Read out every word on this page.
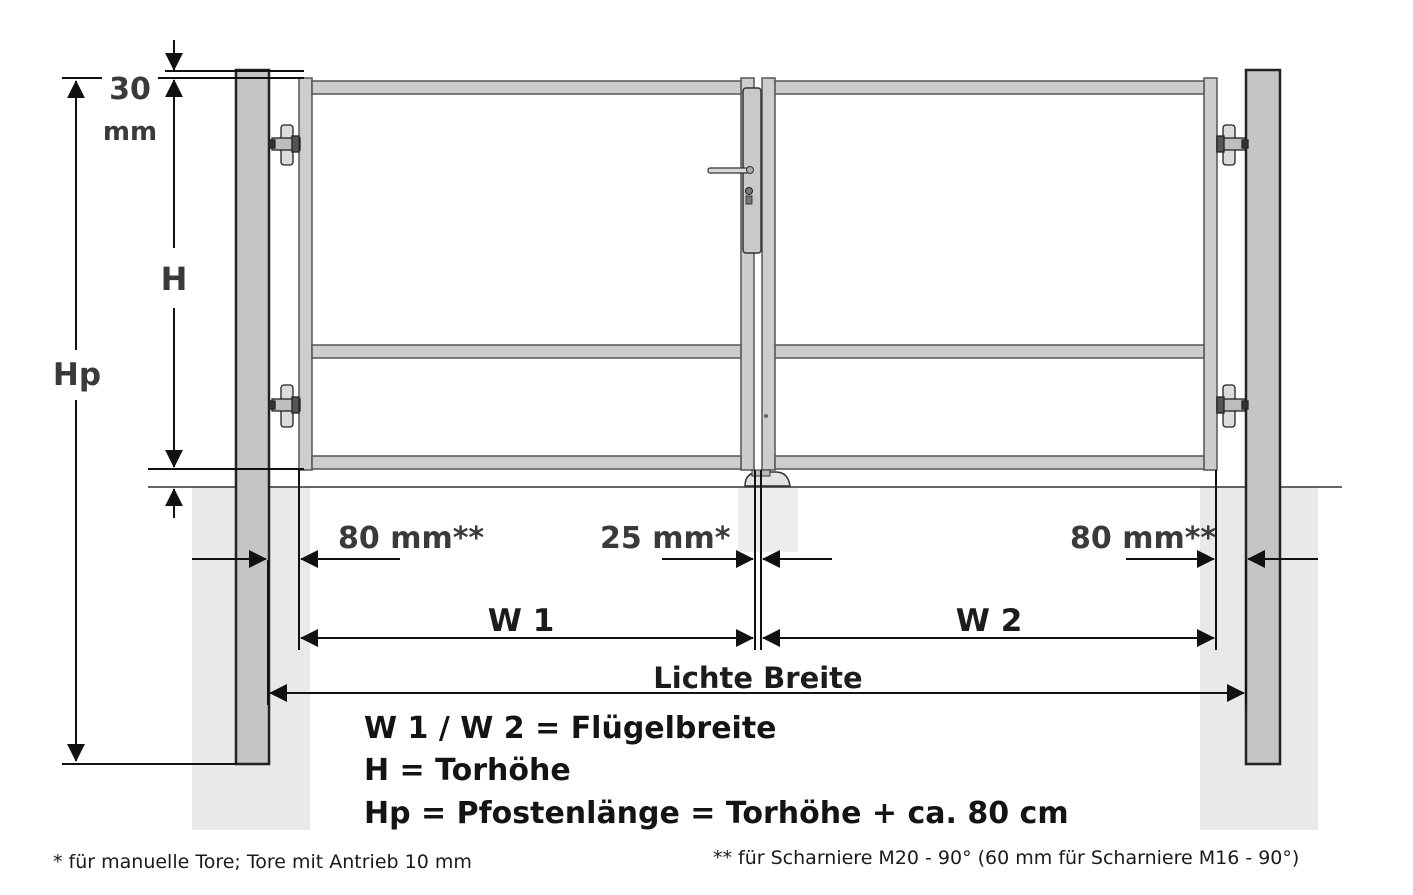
30
mm
H
Hp
80 mm**	25 mm*	80 mm**
W 1	W 2
Lichte Breite
W 1 / W 2 = Flügelbreite
H = Torhöhe
Hp = Pfostenlänge = Torhöhe + ca. 80 cm
* für manuelle Tore; Tore mit Antrieb 10 mm	** für Scharniere M20 - 90° (60 mm für Scharniere M16 - 90°)
